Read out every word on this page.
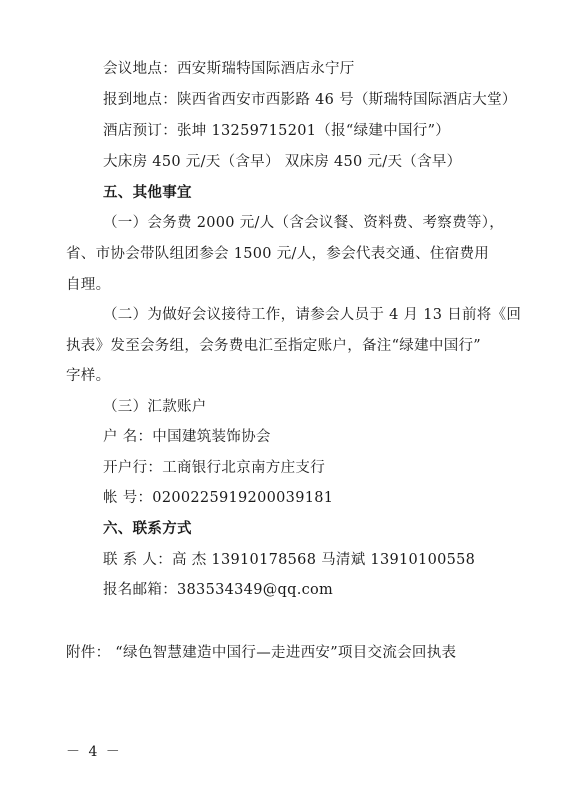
会议地点：西安斯瑞特国际酒店永宁厅
报到地点：陕西省西安市西影路 46 号（斯瑞特国际酒店大堂）
酒店预订：张坤 13259715201（报“绿建中国行”）
大床房 450 元/天（含早） 双床房 450 元/天（含早）
五、其他事宜
（一）会务费 2000 元/人（含会议餐、资料费、考察费等），
省、市协会带队组团参会 1500 元/人，参会代表交通、住宿费用
自理。
（二）为做好会议接待工作，请参会人员于 4 月 13 日前将《回
执表》发至会务组，会务费电汇至指定账户，备注“绿建中国行”
字样。
（三）汇款账户
户 名：中国建筑装饰协会
开户行：工商银行北京南方庄支行
帐 号：0200225919200039181
六、联系方式
联 系 人：高 杰 13910178568 马清斌 13910100558
报名邮箱：383534349@qq.com
附件： “绿色智慧建造中国行—走进西安”项目交流会回执表
－ 4 －
